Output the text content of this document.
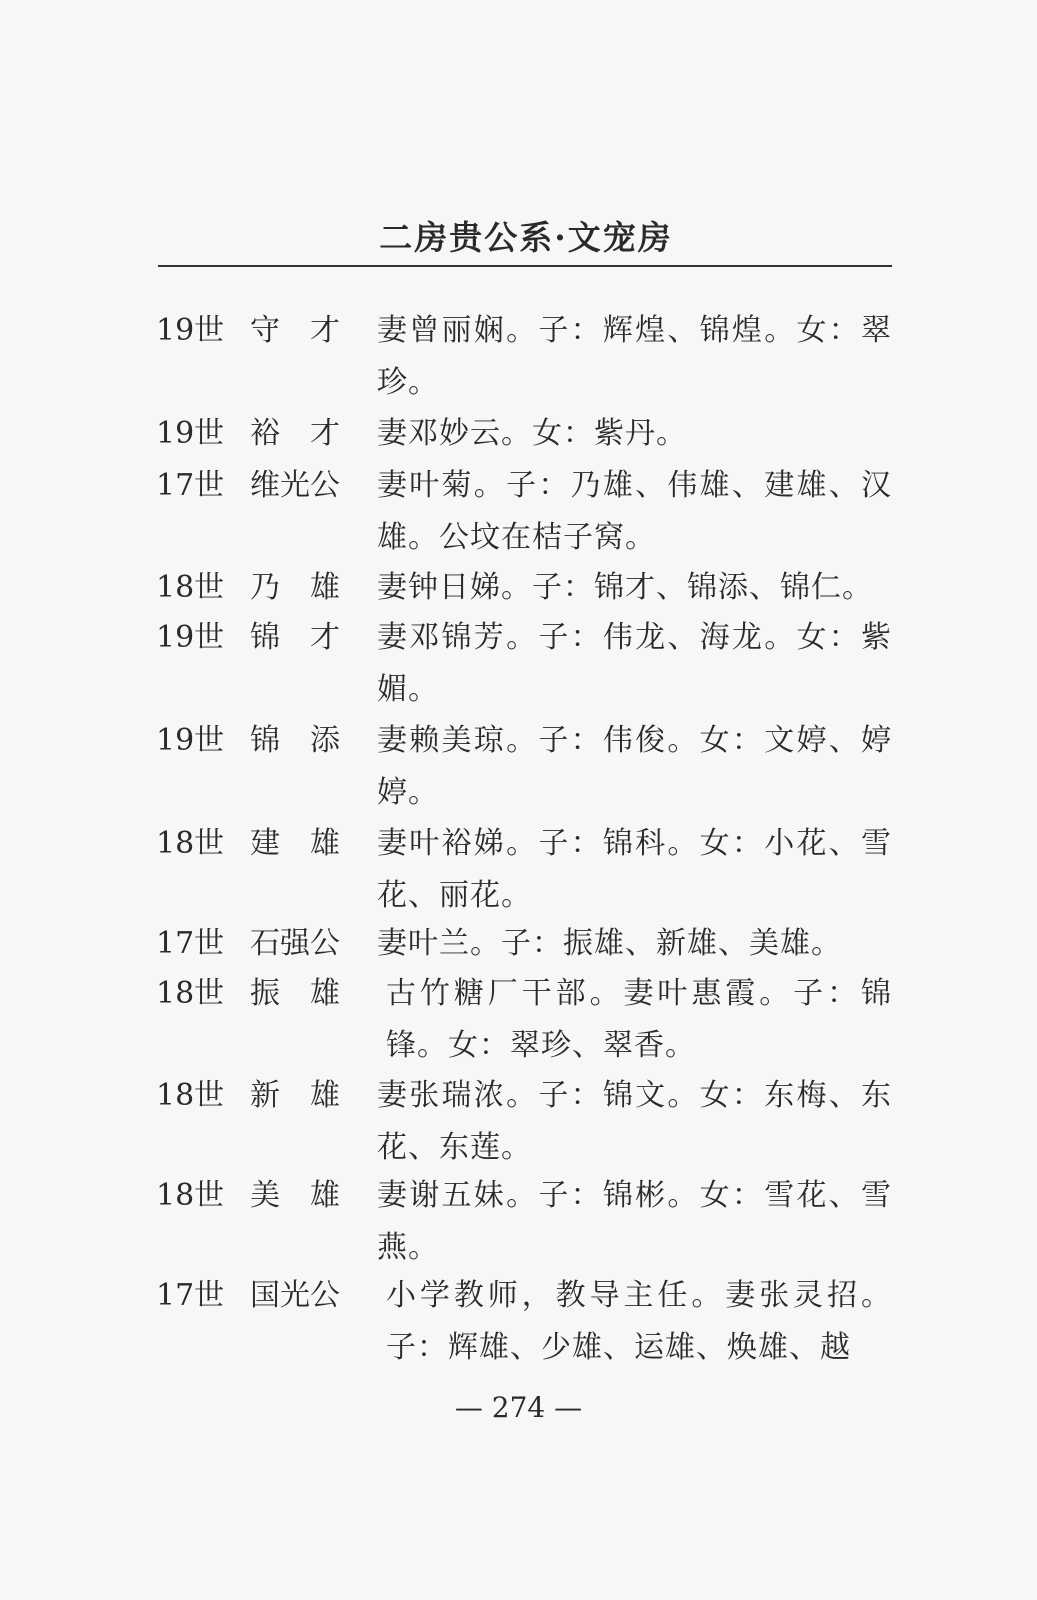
二房贵公系·文宠房
19世 守　才	妻曾丽娴。子：辉煌、锦煌。女：翠珍。
19世 裕　才	妻邓妙云。女：紫丹。
17世 维光公	妻叶菊。子：乃雄、伟雄、建雄、汉雄。公坟在桔子窝。
18世 乃　雄	妻钟日娣。子：锦才、锦添、锦仁。
19世 锦　才	妻邓锦芳。子：伟龙、海龙。女：紫媚。
19世 锦　添	妻赖美琼。子：伟俊。女：文婷、婷婷。
18世 建　雄	妻叶裕娣。子：锦科。女：小花、雪花、丽花。
17世 石强公	妻叶兰。子：振雄、新雄、美雄。
18世 振　雄	古竹糖厂干部。妻叶惠霞。子：锦锋。女：翠珍、翠香。
18世 新　雄	妻张瑞浓。子：锦文。女：东梅、东花、东莲。
18世 美　雄	妻谢五妹。子：锦彬。女：雪花、雪燕。
17世 国光公	小学教师，教导主任。妻张灵招。子：辉雄、少雄、运雄、焕雄、越
— 274 —
